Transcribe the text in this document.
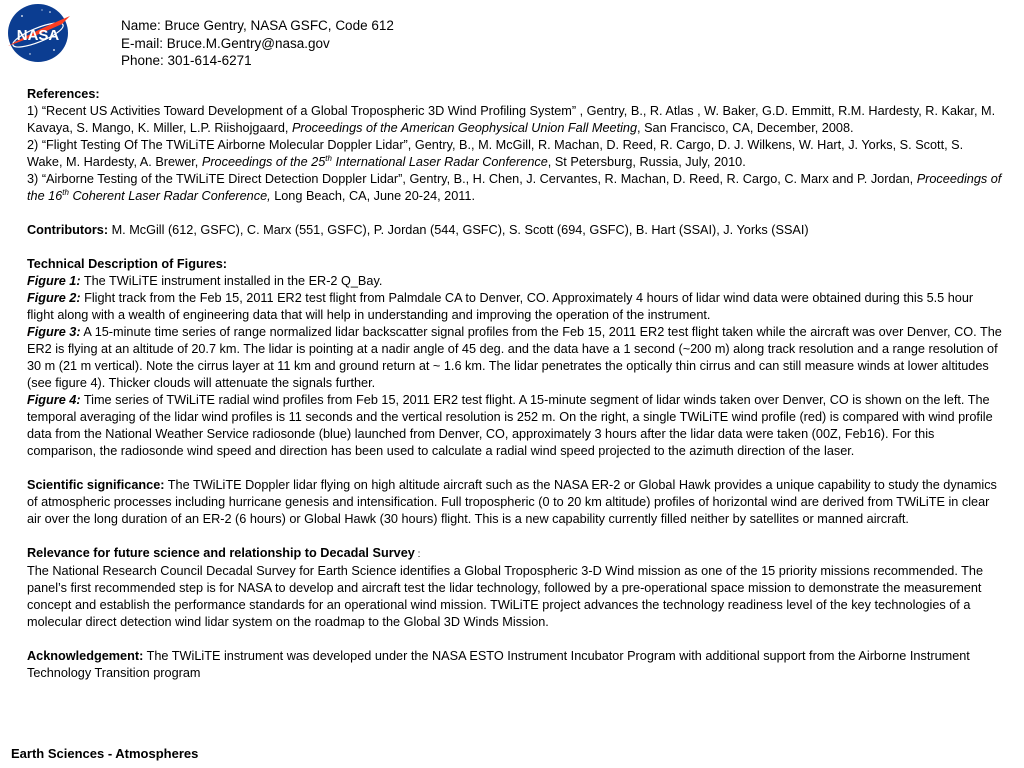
NASA
Name: Bruce Gentry, NASA GSFC, Code 612
E-mail: Bruce.M.Gentry@nasa.gov
Phone: 301-614-6271

References:

1) “Recent US Activities Toward Development of a Global Tropospheric 3D Wind Profiling System” , Gentry, B., R. Atlas , W. Baker, G.D. Emmitt, R.M. Hardesty, R. Kakar, M. Kavaya, S. Mango, K. Miller, L.P. Riishojgaard, Proceedings of the American Geophysical Union Fall Meeting, San Francisco, CA, December, 2008.

2) “Flight Testing Of The TWiLiTE Airborne Molecular Doppler Lidar”, Gentry, B., M. McGill, R. Machan, D. Reed, R. Cargo, D. J. Wilkens, W. Hart, J. Yorks, S. Scott, S. Wake, M. Hardesty, A. Brewer, Proceedings of the 25th International Laser Radar Conference, St Petersburg, Russia, July, 2010.

3) “Airborne Testing of the TWiLiTE Direct Detection Doppler Lidar”, Gentry, B., H. Chen, J. Cervantes, R. Machan, D. Reed, R. Cargo, C. Marx and P. Jordan, Proceedings of the 16th Coherent Laser Radar Conference, Long Beach, CA, June 20-24, 2011.

Contributors: M. McGill (612, GSFC), C. Marx (551, GSFC), P. Jordan (544, GSFC), S. Scott (694, GSFC), B. Hart (SSAI), J. Yorks (SSAI)

Technical Description of Figures:

Figure 1: The TWiLiTE instrument installed in the ER-2 Q_Bay.

Figure 2: Flight track from the Feb 15, 2011 ER2 test flight from Palmdale CA to Denver, CO. Approximately 4 hours of lidar wind data were obtained during this 5.5 hour flight along with a wealth of engineering data that will help in understanding and improving the operation of the instrument.

Figure 3: A 15-minute time series of range normalized lidar backscatter signal profiles from the Feb 15, 2011 ER2 test flight taken while the aircraft was over Denver, CO. The ER2 is flying at an altitude of 20.7 km. The lidar is pointing at a nadir angle of 45 deg. and the data have a 1 second (~200 m) along track resolution and a range resolution of 30 m (21 m vertical). Note the cirrus layer at 11 km and ground return at ~ 1.6 km. The lidar penetrates the optically thin cirrus and can still measure winds at lower altitudes (see figure 4). Thicker clouds will attenuate the signals further.

Figure 4: Time series of TWiLiTE radial wind profiles from Feb 15, 2011 ER2 test flight. A 15-minute segment of lidar winds taken over Denver, CO is shown on the left. The temporal averaging of the lidar wind profiles is 11 seconds and the vertical resolution is 252 m. On the right, a single TWiLiTE wind profile (red) is compared with wind profile data from the National Weather Service radiosonde (blue) launched from Denver, CO, approximately 3 hours after the lidar data were taken (00Z, Feb16). For this comparison, the radiosonde wind speed and direction has been used to calculate a radial wind speed projected to the azimuth direction of the laser.

Scientific significance: The TWiLiTE Doppler lidar flying on high altitude aircraft such as the NASA ER-2 or Global Hawk provides a unique capability to study the dynamics of atmospheric processes including hurricane genesis and intensification. Full tropospheric (0 to 20 km altitude) profiles of horizontal wind are derived from TWiLiTE in clear air over the long duration of an ER-2 (6 hours) or Global Hawk (30 hours) flight. This is a new capability currently filled neither by satellites or manned aircraft.

Relevance for future science and relationship to Decadal Survey :

The National Research Council Decadal Survey for Earth Science identifies a Global Tropospheric 3-D Wind mission as one of the 15 priority missions recommended. The panel’s first recommended step is for NASA to develop and aircraft test the lidar technology, followed by a pre-operational space mission to demonstrate the measurement concept and establish the performance standards for an operational wind mission. TWiLiTE project advances the technology readiness level of the key technologies of a molecular direct detection wind lidar system on the roadmap to the Global 3D Winds Mission.

Acknowledgement: The TWiLiTE instrument was developed under the NASA ESTO Instrument Incubator Program with additional support from the Airborne Instrument Technology Transition program

Earth Sciences - Atmospheres
